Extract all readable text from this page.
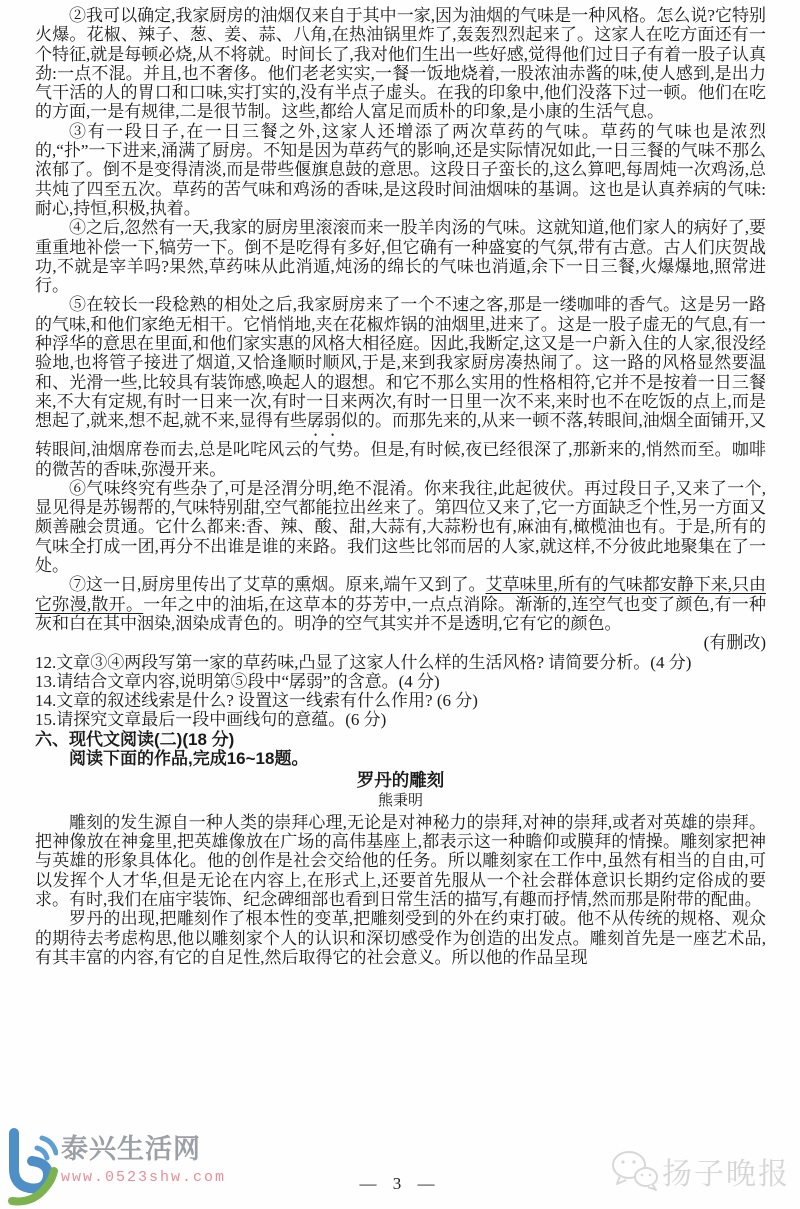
②我可以确定,我家厨房的油烟仅来自于其中一家,因为油烟的气味是一种风格。怎么说?它特别火爆。花椒、辣子、葱、姜、蒜、八角,在热油锅里炸了,轰轰烈烈起来了。这家人在吃方面还有一个特征,就是每顿必烧,从不将就。时间长了,我对他们生出一些好感,觉得他们过日子有着一股子认真劲:一点不混。并且,也不奢侈。他们老老实实,一餐一饭地烧着,一股浓油赤酱的味,使人感到,是出力气干活的人的胃口和口味,实打实的,没有半点子虚头。在我的印象中,他们没落下过一顿。他们在吃的方面,一是有规律,二是很节制。这些,都给人富足而质朴的印象,是小康的生活气息。

③有一段日子,在一日三餐之外,这家人还增添了两次草药的气味。草药的气味也是浓烈的,“扑”一下进来,涌满了厨房。不知是因为草药气的影响,还是实际情况如此,一日三餐的气味不那么浓郁了。倒不是变得清淡,而是带些偃旗息鼓的意思。这段日子蛮长的,这么算吧,每周炖一次鸡汤,总共炖了四至五次。草药的苦气味和鸡汤的香味,是这段时间油烟味的基调。这也是认真养病的气味:耐心,持恒,积极,执着。

④之后,忽然有一天,我家的厨房里滚滚而来一股羊肉汤的气味。这就知道,他们家人的病好了,要重重地补偿一下,犒劳一下。倒不是吃得有多好,但它确有一种盛宴的气氛,带有古意。古人们庆贺战功,不就是宰羊吗?果然,草药味从此消遁,炖汤的绵长的气味也消遁,余下一日三餐,火爆爆地,照常进行。

⑤在较长一段稔熟的相处之后,我家厨房来了一个不速之客,那是一缕咖啡的香气。这是另一路的气味,和他们家绝无相干。它悄悄地,夹在花椒炸锅的油烟里,进来了。这是一股子虚无的气息,有一种浮华的意思在里面,和他们家实惠的风格大相径庭。因此,我断定,这又是一户新入住的人家,很没经验地,也将管子接进了烟道,又恰逢顺时顺风,于是,来到我家厨房凑热闹了。这一路的风格显然要温和、光滑一些,比较具有装饰感,唤起人的遐想。和它不那么实用的性格相符,它并不是按着一日三餐来,不大有定规,有时一日来一次,有时一日来两次,有时一日里一次不来,来时也不在吃饭的点上,而是想起了,就来,想不起,就不来,显得有些孱弱似的。而那先来的,从来一顿不落,转眼间,油烟全面铺开,又转眼间,油烟席卷而去,总是叱咤风云的气势。但是,有时候,夜已经很深了,那新来的,悄然而至。咖啡的微苦的香味,弥漫开来。

⑥气味终究有些杂了,可是泾渭分明,绝不混淆。你来我往,此起彼伏。再过段日子,又来了一个,显见得是苏锡帮的,气味特别甜,空气都能拉出丝来了。第四位又来了,它一方面缺乏个性,另一方面又颇善融会贯通。它什么都来:香、辣、酸、甜,大蒜有,大蒜粉也有,麻油有,橄榄油也有。于是,所有的气味全打成一团,再分不出谁是谁的来路。我们这些比邻而居的人家,就这样,不分彼此地聚集在了一处。

⑦这一日,厨房里传出了艾草的熏烟。原来,端午又到了。艾草味里,所有的气味都安静下来,只由它弥漫,散开。一年之中的油垢,在这草本的芬芳中,一点点消除。渐渐的,连空气也变了颜色,有一种灰和白在其中洇染,洇染成青色的。明净的空气其实并不是透明,它有它的颜色。

(有删改)

12.文章③④两段写第一家的草药味,凸显了这家人什么样的生活风格? 请简要分析。(4 分)

13.请结合文章内容,说明第⑤段中“孱弱”的含意。(4 分)

14.文章的叙述线索是什么? 设置这一线索有什么作用? (6 分)

15.请探究文章最后一段中画线句的意蕴。(6 分)

六、现代文阅读(二)(18 分)

阅读下面的作品,完成16~18题。

罗丹的雕刻

熊秉明

雕刻的发生源自一种人类的崇拜心理,无论是对神秘力的崇拜,对神的崇拜,或者对英雄的崇拜。把神像放在神龛里,把英雄像放在广场的高伟基座上,都表示这一种瞻仰或膜拜的情操。雕刻家把神与英雄的形象具体化。他的创作是社会交给他的任务。所以雕刻家在工作中,虽然有相当的自由,可以发挥个人才华,但是无论在内容上,在形式上,还要首先服从一个社会群体意识长期约定俗成的要求。有时,我们在庙宇装饰、纪念碑细部也看到日常生活的描写,有趣而抒情,然而那是附带的配曲。

罗丹的出现,把雕刻作了根本性的变革,把雕刻受到的外在约束打破。他不从传统的规格、观众的期待去考虑构思,他以雕刻家个人的认识和深切感受作为创造的出发点。雕刻首先是一座艺术品,有其丰富的内容,有它的自足性,然后取得它的社会意义。所以他的作品呈现

泰兴生活网
www.0523shw.com	— 3 —	扬子晚报
